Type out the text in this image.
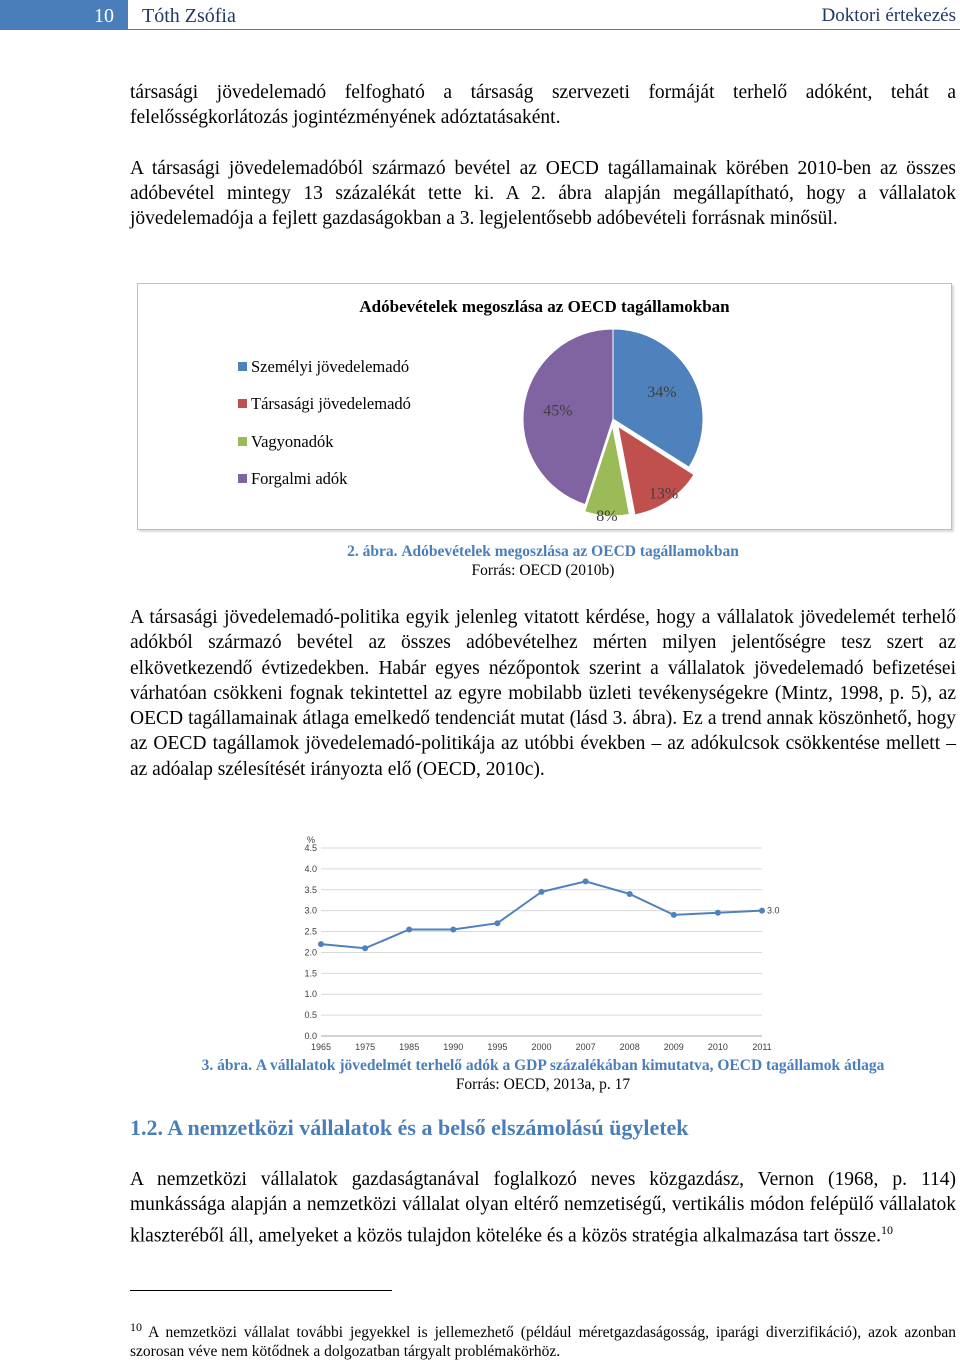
10	Tóth Zsófia	Doktori értekezés

társasági jövedelemadó felfogható a társaság szervezeti formáját terhelő adóként, tehát a felelősségkorlátozás jogintézményének adóztatásaként.

A társasági jövedelemadóból származó bevétel az OECD tagállamainak körében 2010-ben az összes adóbevétel mintegy 13 százalékát tette ki. A 2. ábra alapján megállapítható, hogy a vállalatok jövedelemadója a fejlett gazdaságokban a 3. legjelentősebb adóbevételi forrásnak minősül.

Adóbevételek megoszlása az OECD tagállamokban
Személyi jövedelemadó
Társasági jövedelemadó
Vagyonadók
Forgalmi adók
34%
13%
8%
45%
2. ábra. Adóbevételek megoszlása az OECD tagállamokban
Forrás: OECD (2010b)
A társasági jövedelemadó-politika egyik jelenleg vitatott kérdése, hogy a vállalatok jövedelemét terhelő adókból származó bevétel az összes adóbevételhez mérten milyen jelentőségre tesz szert az elkövetkezendő évtizedekben. Habár egyes nézőpontok szerint a vállalatok jövedelemadó befizetései várhatóan csökkeni fognak tekintettel az egyre mobilabb üzleti tevékenységekre (Mintz, 1998, p. 5), az OECD tagállamainak átlaga emelkedő tendenciát mutat (lásd 3. ábra). Ez a trend annak köszönhető, hogy az OECD tagállamok jövedelemadó-politikája az utóbbi években – az adókulcsok csökkentése mellett – az adóalap szélesítését irányozta elő (OECD, 2010c).
%
0.0
0.5
1.0
1.5
2.0
2.5
3.0
3.5
4.0
4.5
1965	1975	1985	1990	1995	2000	2007	2008	2009	2010	2011
3.0
3. ábra. A vállalatok jövedelmét terhelő adók a GDP százalékában kimutatva, OECD tagállamok átlaga
Forrás: OECD, 2013a, p. 17
1.2. A nemzetközi vállalatok és a belső elszámolású ügyletek
A nemzetközi vállalatok gazdaságtanával foglalkozó neves közgazdász, Vernon (1968, p. 114) munkássága alapján a nemzetközi vállalat olyan eltérő nemzetiségű, vertikális módon felépülő vállalatok klaszteréből áll, amelyeket a közös tulajdon köteléke és a közös stratégia alkalmazása tart össze.$^{10}$
$^{10}$ A nemzetközi vállalat további jegyekkel is jellemezhető (például méretgazdaságosság, iparági diverzifikáció), azok azonban szorosan véve nem kötődnek a dolgozatban tárgyalt problémakörhöz.
